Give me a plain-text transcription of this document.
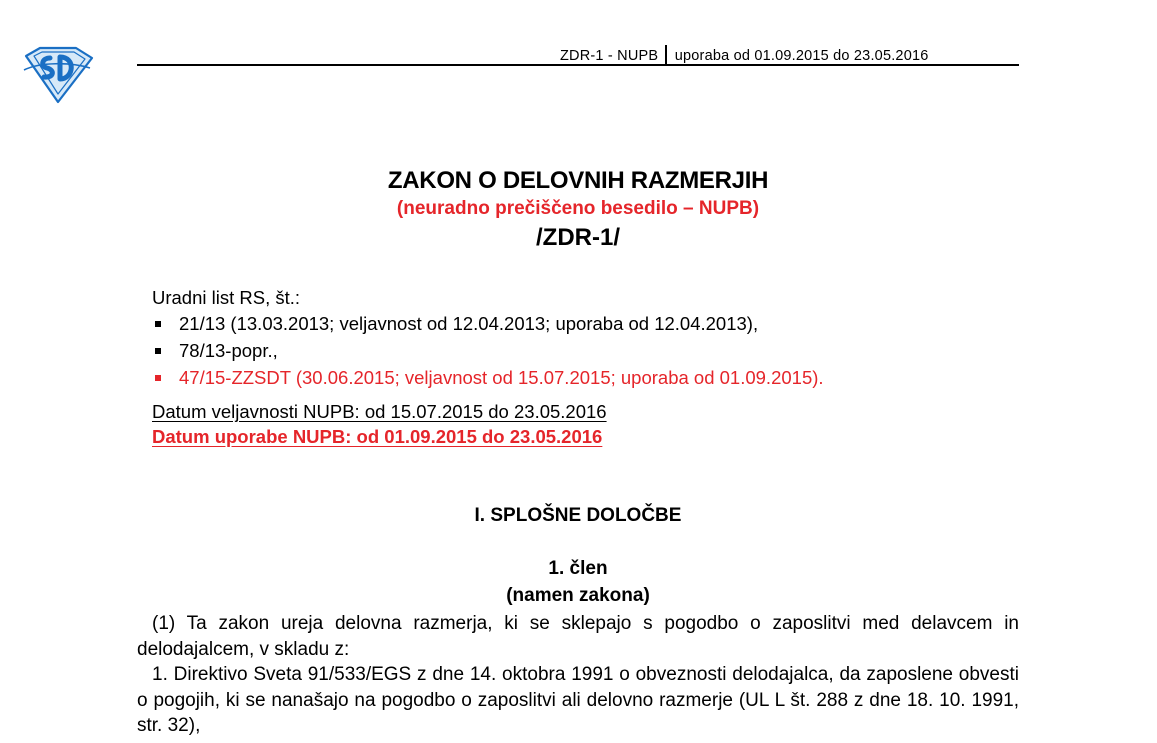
ZDR-1 - NUPB uporaba od 01.09.2015 do 23.05.2016
ZAKON O DELOVNIH RAZMERJIH
(neuradno prečiščeno besedilo – NUPB)
/ZDR-1/
Uradni list RS, št.:
21/13 (13.03.2013; veljavnost od 12.04.2013; uporaba od 12.04.2013),
78/13-popr.,
47/15-ZZSDT (30.06.2015; veljavnost od 15.07.2015; uporaba od 01.09.2015).
Datum veljavnosti NUPB: od 15.07.2015 do 23.05.2016
Datum uporabe NUPB: od 01.09.2015 do 23.05.2016
I. SPLOŠNE DOLOČBE
1. člen
(namen zakona)
(1) Ta zakon ureja delovna razmerja, ki se sklepajo s pogodbo o zaposlitvi med delavcem in delodajalcem, v skladu z:
1. Direktivo Sveta 91/533/EGS z dne 14. oktobra 1991 o obveznosti delodajalca, da zaposlene obvesti o pogojih, ki se nanašajo na pogodbo o zaposlitvi ali delovno razmerje (UL L št. 288 z dne 18. 10. 1991, str. 32),
